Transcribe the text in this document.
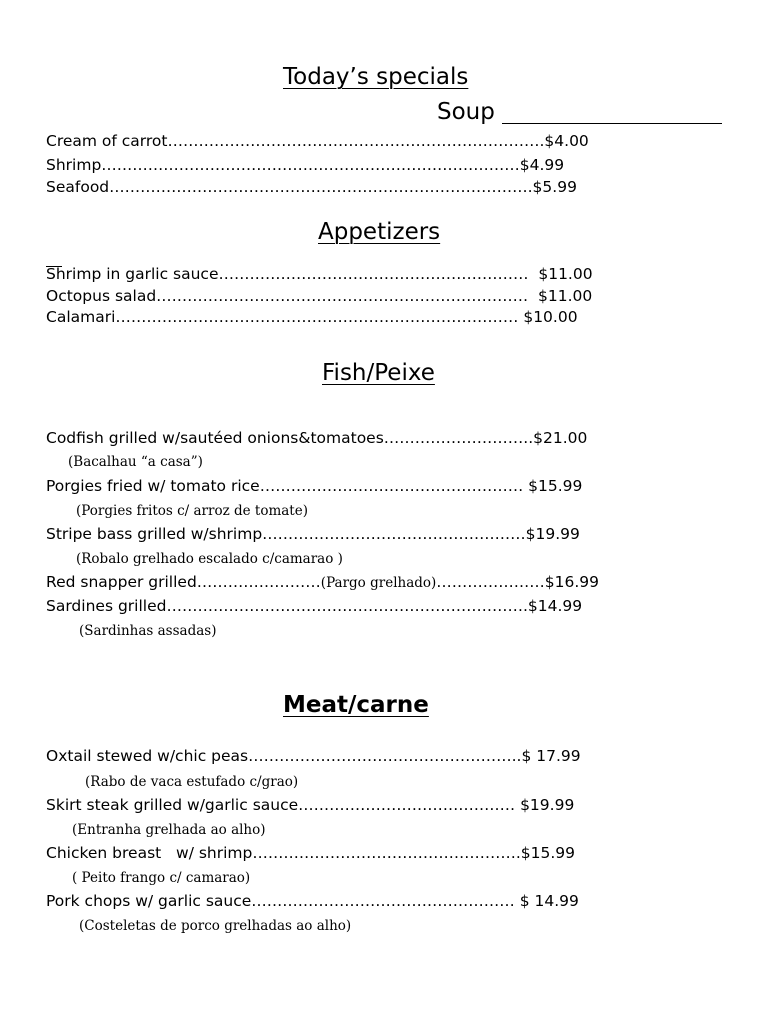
Today’s specials
Soup
Cream of carrot……………………………………………………………….$4.00
Shrimp………………………………………………………………………$4.99
Seafood……………………………………………………………………….$5.99
Appetizers
Shrimp in garlic sauce……………………………………………………  $11.00
Octopus salad………………………………………………………………  $11.00
Calamari…………………………………………………………………… $10.00
Fish/Peixe
Codfish grilled w/sautéed onions&tomatoes………………………..$21.00
(Bacalhau “a casa”)
Porgies fried w/ tomato rice…………………………………………… $15.99
(Porgies fritos c/ arroz de tomate)
Stripe bass grilled w/shrimp……………………………………………$19.99
(Robalo grelhado escalado c/camarao )
Red snapper grilled……………………(Pargo grelhado)…………………$16.99
Sardines grilled…………………………………………………………….$14.99
(Sardinhas assadas)
Meat/carne
Oxtail stewed w/chic peas……………………………………………..$ 17.99
(Rabo de vaca estufado c/grao)
Skirt steak grilled w/garlic sauce…………………………………… $19.99
(Entranha grelhada ao alho)
Chicken breast   w/ shrimp…………………………………………….$15.99
( Peito frango c/ camarao)
Pork chops w/ garlic sauce…………………………………………… $ 14.99
(Costeletas de porco grelhadas ao alho)
